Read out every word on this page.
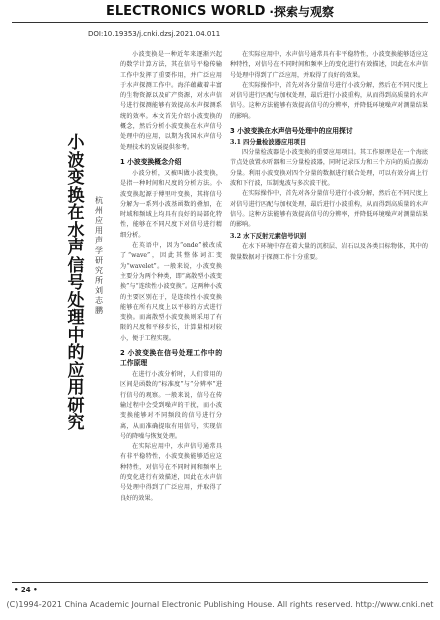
ELECTRONICS WORLD ·探索与观察
DOI:10.19353/j.cnki.dzsj.2021.04.011
小波变换在水声信号处理中的应用研究
杭州应用声学研究所 刘志鹏

小波变换是一种近年来逐渐兴起的数学计算方法，其在信号平稳传输工作中发挥了重要作用，并广泛应用于水声探测工作中。海洋蕴藏着丰富的生物资源以及矿产资源，对水声信号进行探测能够有效提高水声探测系统的效率。本文首先介绍小波变换的概念，然后分析小波变换在水声信号处理中的应用，以期为我国水声信号处理技术的发展提供参考。

1 小波变换概念介绍

小波分析，又被叫做小波变换，是指一种时间和尺度的分析方法。小波变换起源于傅里叶变换，其将信号分解为一系列小波基函数的叠加，在时域和频域上均具有良好的局部化特性，能够在不同尺度下对信号进行精细分析。

在英语中，因为“onde”被改成了“wave”，因此其整体词汇变为“wavelet”。一般来说，小波变换主要分为两个种类，即“离散型小波变换”与“连续性小波变换”。这两种小波的主要区别在于，是连续性小波变换能够在所有尺度上以平移的方式进行变换。而离散型小波变换则采用了有限的尺度和平移步长，计算量相对较小，便于工程实现。

2 小波变换在信号处理工作中的工作原理

在进行小波分析时，人们常用的区间是函数的“标准度”与“分辨率”进行信号的观察。一般来说，信号在传输过程中会受到噪声的干扰，而小波变换能够对不同频段的信号进行分离，从而准确提取有用信号，实现信号的降噪与恢复处理。

在实际应用中，水声信号通常具有非平稳特性，小波变换能够适应这种特性，对信号在不同时间和频率上的变化进行有效描述，因此在水声信号处理中得到了广泛应用，并取得了良好的效果。

在实际应用中，水声信号通常具有非平稳特性，小波变换能够适应这种特性，对信号在不同时间和频率上的变化进行有效描述，因此在水声信号处理中得到了广泛应用，并取得了良好的效果。

在实际操作中，首先对各分量信号进行小波分解，然后在不同尺度上对信号进行匹配与加权处理，最后进行小波重构，从而得到高质量的水声信号。这种方法能够有效提高信号的分辨率，并降低环境噪声对测量结果的影响。

3 小波变换在水声信号处理中的应用探讨
3.1 四分量检波器应用项目

四分量检波器是小波变换的重要应用项目。其工作原理是在一个海底节点处放置水听器和三分量检波器，同时记录压力和三个方向的质点振动分量。利用小波变换对四个分量的数据进行联合处理，可以有效分离上行波和下行波，压制鬼波与多次波干扰。

在实际操作中，首先对各分量信号进行小波分解，然后在不同尺度上对信号进行匹配与加权处理，最后进行小波重构，从而得到高质量的水声信号。这种方法能够有效提高信号的分辨率，并降低环境噪声对测量结果的影响。

3.2 水下反射元素信号识别

在水下环境中存在着大量的沉积层、岩石以及各类目标物体，其中的微量数据对于探测工作十分重要。

• 24 •
(C)1994-2021 China Academic Journal Electronic Publishing House. All rights reserved. http://www.cnki.net
